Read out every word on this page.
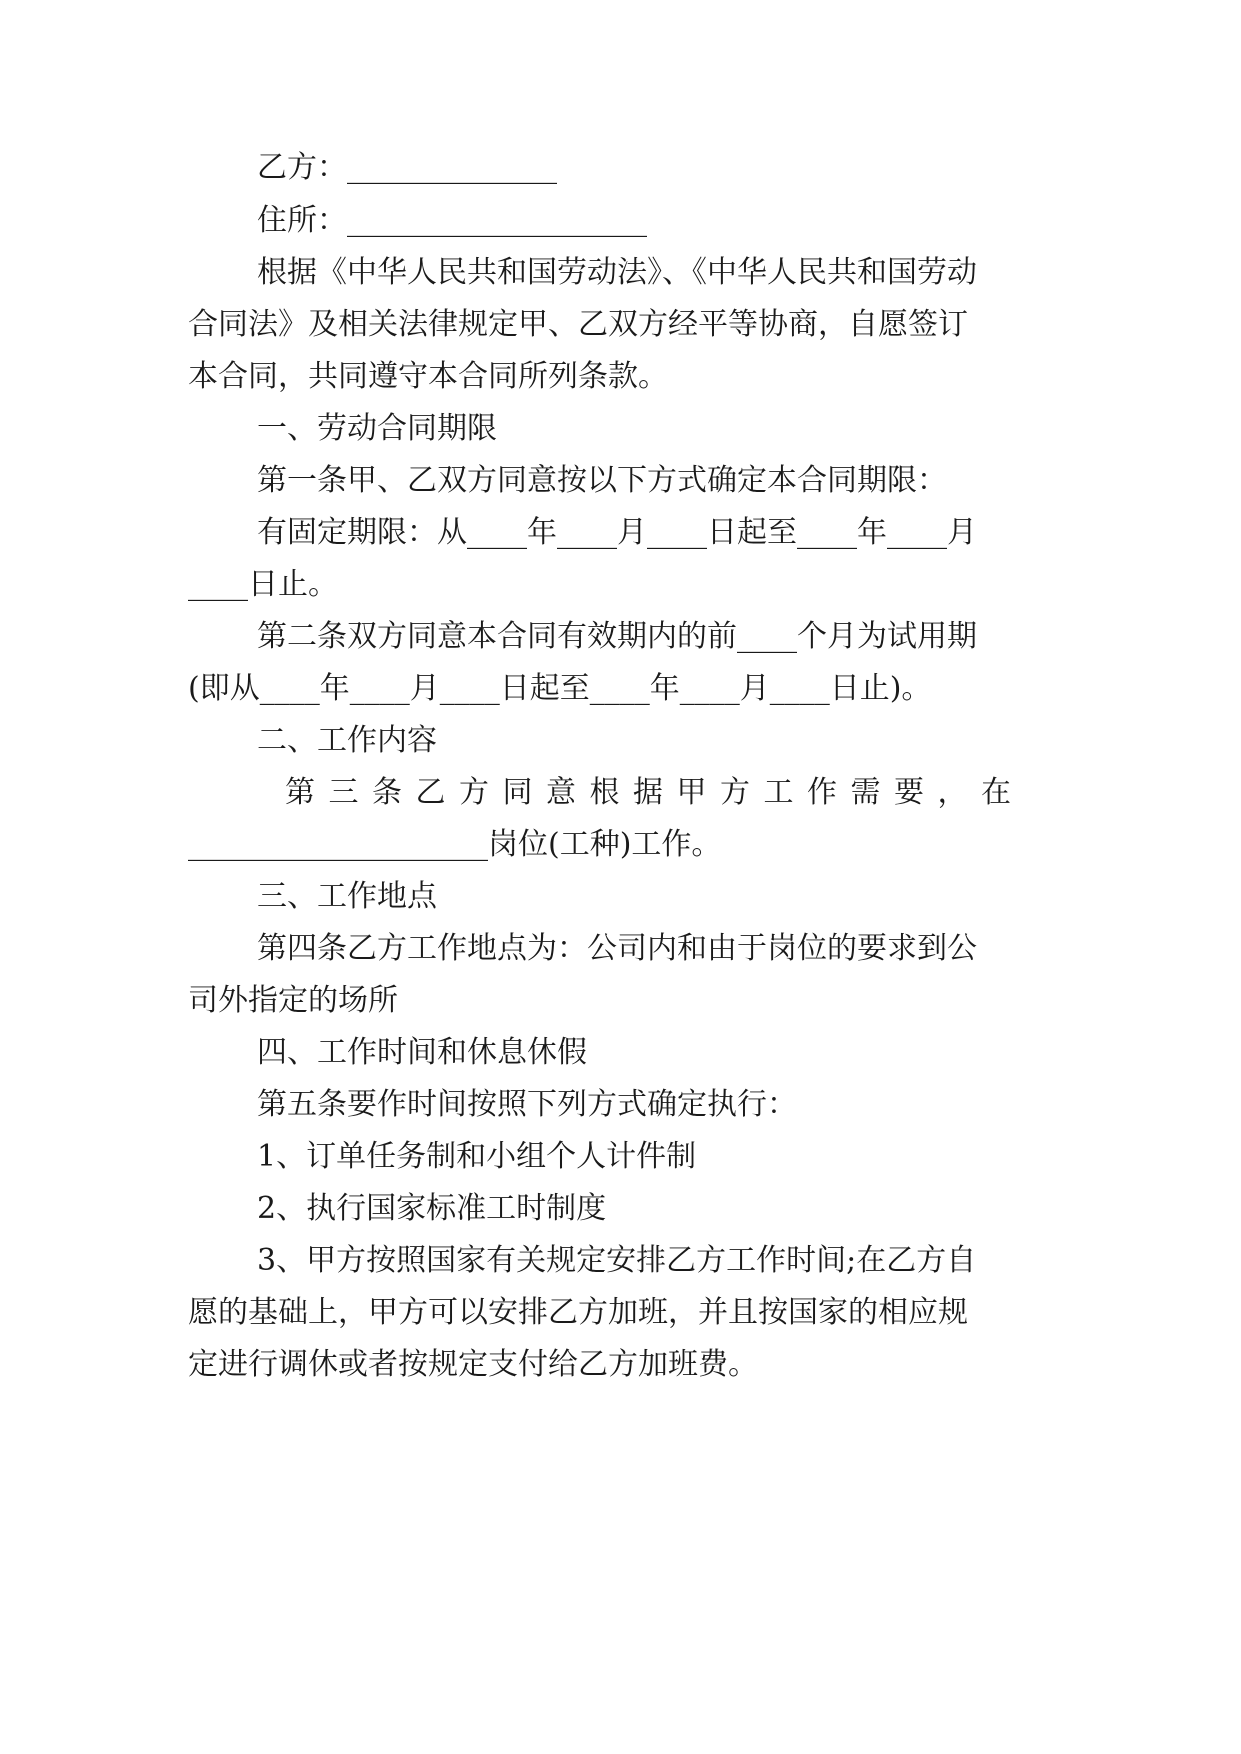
乙方：______________
住所：____________________
根据《中华人民共和国劳动法》、《中华人民共和国劳动
合同法》及相关法律规定甲、乙双方经平等协商，自愿签订
本合同，共同遵守本合同所列条款。
一、劳动合同期限
第一条甲、乙双方同意按以下方式确定本合同期限：
有固定期限：从____年____月____日起至____年____月
____日止。
第二条双方同意本合同有效期内的前____个月为试用期
(即从____年____月____日起至____年____月____日止)。
二、工作内容
第三条乙方同意根据甲方工作需要，在
____________________岗位(工种)工作。
三、工作地点
第四条乙方工作地点为：公司内和由于岗位的要求到公
司外指定的场所
四、工作时间和休息休假
第五条要作时间按照下列方式确定执行：
1、订单任务制和小组个人计件制
2、执行国家标准工时制度
3、甲方按照国家有关规定安排乙方工作时间;在乙方自
愿的基础上，甲方可以安排乙方加班，并且按国家的相应规
定进行调休或者按规定支付给乙方加班费。
